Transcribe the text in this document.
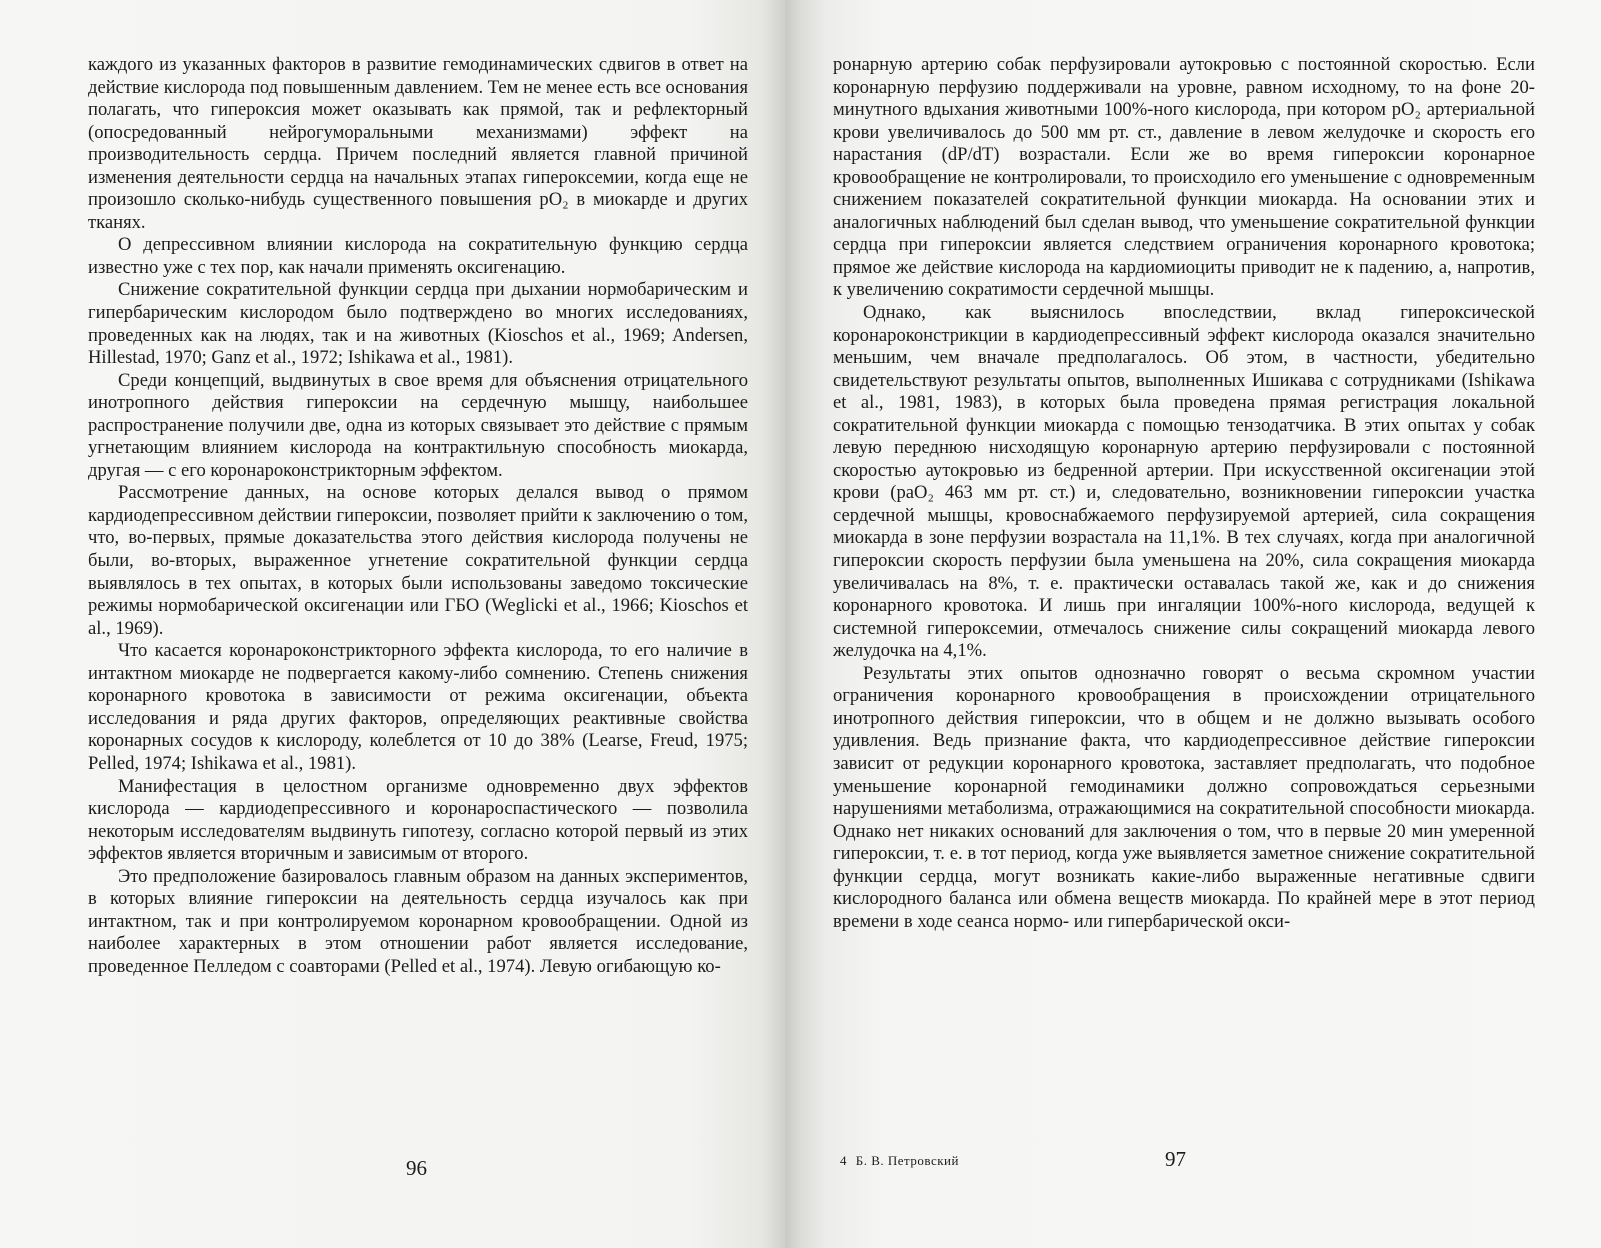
каждого из указанных факторов в развитие гемодинамических сдвигов в ответ на действие кислорода под повышенным давлением. Тем не менее есть все основания полагать, что гипероксия может оказывать как прямой, так и рефлекторный (опосредованный нейрогуморальными механизмами) эффект на производительность сердца. Причем последний является главной причиной изменения деятельности сердца на начальных этапах гипероксемии, когда еще не произошло сколько-нибудь существенного повышения pO₂ в миокарде и других тканях.

О депрессивном влиянии кислорода на сократительную функцию сердца известно уже с тех пор, как начали применять оксигенацию.

Снижение сократительной функции сердца при дыхании нормобарическим и гипербарическим кислородом было подтверждено во многих исследованиях, проведенных как на людях, так и на животных (Kioschos et al., 1969; Andersen, Hillestad, 1970; Ganz et al., 1972; Ishikawa et al., 1981).

Среди концепций, выдвинутых в свое время для объяснения отрицательного инотропного действия гипероксии на сердечную мышцу, наибольшее распространение получили две, одна из которых связывает это действие с прямым угнетающим влиянием кислорода на контрактильную способность миокарда, другая — с его коронароконстрикторным эффектом.

Рассмотрение данных, на основе которых делался вывод о прямом кардиодепрессивном действии гипероксии, позволяет прийти к заключению о том, что, во-первых, прямые доказательства этого действия кислорода получены не были, во-вторых, выраженное угнетение сократительной функции сердца выявлялось в тех опытах, в которых были использованы заведомо токсические режимы нормобарической оксигенации или ГБО (Weglicki et al., 1966; Kioschos et al., 1969).

Что касается коронароконстрикторного эффекта кислорода, то его наличие в интактном миокарде не подвергается какому-либо сомнению. Степень снижения коронарного кровотока в зависимости от режима оксигенации, объекта исследования и ряда других факторов, определяющих реактивные свойства коронарных сосудов к кислороду, колеблется от 10 до 38% (Learse, Freud, 1975; Pelled, 1974; Ishikawa et al., 1981).

Манифестация в целостном организме одновременно двух эффектов кислорода — кардиодепрессивного и коронароспастического — позволила некоторым исследователям выдвинуть гипотезу, согласно которой первый из этих эффектов является вторичным и зависимым от второго.

Это предположение базировалось главным образом на данных экспериментов, в которых влияние гипероксии на деятельность сердца изучалось как при интактном, так и при контролируемом коронарном кровообращении. Одной из наиболее характерных в этом отношении работ является исследование, проведенное Пелледом с соавторами (Pelled et al., 1974). Левую огибающую ко-

96

ронарную артерию собак перфузировали аутокровью с постоянной скоростью. Если коронарную перфузию поддерживали на уровне, равном исходному, то на фоне 20-минутного вдыхания животными 100%-ного кислорода, при котором pO₂ артериальной крови увеличивалось до 500 мм рт. ст., давление в левом желудочке и скорость его нарастания (dP/dT) возрастали. Если же во время гипероксии коронарное кровообращение не контролировали, то происходило его уменьшение с одновременным снижением показателей сократительной функции миокарда. На основании этих и аналогичных наблюдений был сделан вывод, что уменьшение сократительной функции сердца при гипероксии является следствием ограничения коронарного кровотока; прямое же действие кислорода на кардиомиоциты приводит не к падению, а, напротив, к увеличению сократимости сердечной мышцы.

Однако, как выяснилось впоследствии, вклад гипероксической коронароконстрикции в кардиодепрессивный эффект кислорода оказался значительно меньшим, чем вначале предполагалось. Об этом, в частности, убедительно свидетельствуют результаты опытов, выполненных Ишикава с сотрудниками (Ishikawa et al., 1981, 1983), в которых была проведена прямая регистрация локальной сократительной функции миокарда с помощью тензодатчика. В этих опытах у собак левую переднюю нисходящую коронарную артерию перфузировали с постоянной скоростью аутокровью из бедренной артерии. При искусственной оксигенации этой крови (paO₂ 463 мм рт. ст.) и, следовательно, возникновении гипероксии участка сердечной мышцы, кровоснабжаемого перфузируемой артерией, сила сокращения миокарда в зоне перфузии возрастала на 11,1%. В тех случаях, когда при аналогичной гипероксии скорость перфузии была уменьшена на 20%, сила сокращения миокарда увеличивалась на 8%, т. е. практически оставалась такой же, как и до снижения коронарного кровотока. И лишь при ингаляции 100%-ного кислорода, ведущей к системной гипероксемии, отмечалось снижение силы сокращений миокарда левого желудочка на 4,1%.

Результаты этих опытов однозначно говорят о весьма скромном участии ограничения коронарного кровообращения в происхождении отрицательного инотропного действия гипероксии, что в общем и не должно вызывать особого удивления. Ведь признание факта, что кардиодепрессивное действие гипероксии зависит от редукции коронарного кровотока, заставляет предполагать, что подобное уменьшение коронарной гемодинамики должно сопровождаться серьезными нарушениями метаболизма, отражающимися на сократительной способности миокарда. Однако нет никаких оснований для заключения о том, что в первые 20 мин умеренной гипероксии, т. е. в тот период, когда уже выявляется заметное снижение сократительной функции сердца, могут возникать какие-либо выраженные негативные сдвиги кислородного баланса или обмена веществ миокарда. По крайней мере в этот период времени в ходе сеанса нормо- или гипербарической окси-

4 Б. В. Петровский	97
